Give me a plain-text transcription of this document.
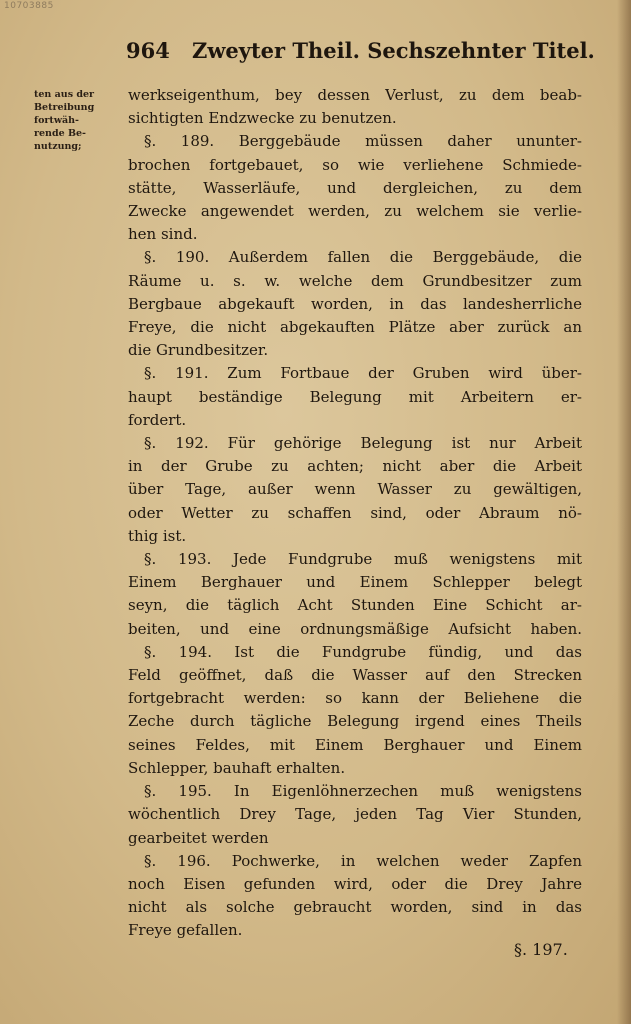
10703885
964 Zweyter Theil. Sechszehnter Titel.
ten aus der
Betreibung
fortwäh-
rende Be-
nutzung;
werkseigenthum, bey dessen Verlust, zu dem beab-
sichtigten Endzwecke zu benutzen.
§. 189. Berggebäude müssen daher ununter-
brochen fortgebauet, so wie verliehene Schmiede-
stätte, Wasserläufe, und dergleichen, zu dem
Zwecke angewendet werden, zu welchem sie verlie-
hen sind.
§. 190. Außerdem fallen die Berggebäude, die
Räume u. s. w. welche dem Grundbesitzer zum
Bergbaue abgekauft worden, in das landesherrliche
Freye, die nicht abgekauften Plätze aber zurück an
die Grundbesitzer.
§. 191. Zum Fortbaue der Gruben wird über-
haupt beständige Belegung mit Arbeitern er-
fordert.
§. 192. Für gehörige Belegung ist nur Arbeit
in der Grube zu achten; nicht aber die Arbeit
über Tage, außer wenn Wasser zu gewältigen,
oder Wetter zu schaffen sind, oder Abraum nö-
thig ist.
§. 193. Jede Fundgrube muß wenigstens mit
Einem Berghauer und Einem Schlepper belegt
seyn, die täglich Acht Stunden Eine Schicht ar-
beiten, und eine ordnungsmäßige Aufsicht haben.
§. 194. Ist die Fundgrube fündig, und das
Feld geöffnet, daß die Wasser auf den Strecken
fortgebracht werden: so kann der Beliehene die
Zeche durch tägliche Belegung irgend eines Theils
seines Feldes, mit Einem Berghauer und Einem
Schlepper, bauhaft erhalten.
§. 195. In Eigenlöhnerzechen muß wenigstens
wöchentlich Drey Tage, jeden Tag Vier Stunden,
gearbeitet werden
§. 196. Pochwerke, in welchen weder Zapfen
noch Eisen gefunden wird, oder die Drey Jahre
nicht als solche gebraucht worden, sind in das
Freye gefallen.
§. 197.
